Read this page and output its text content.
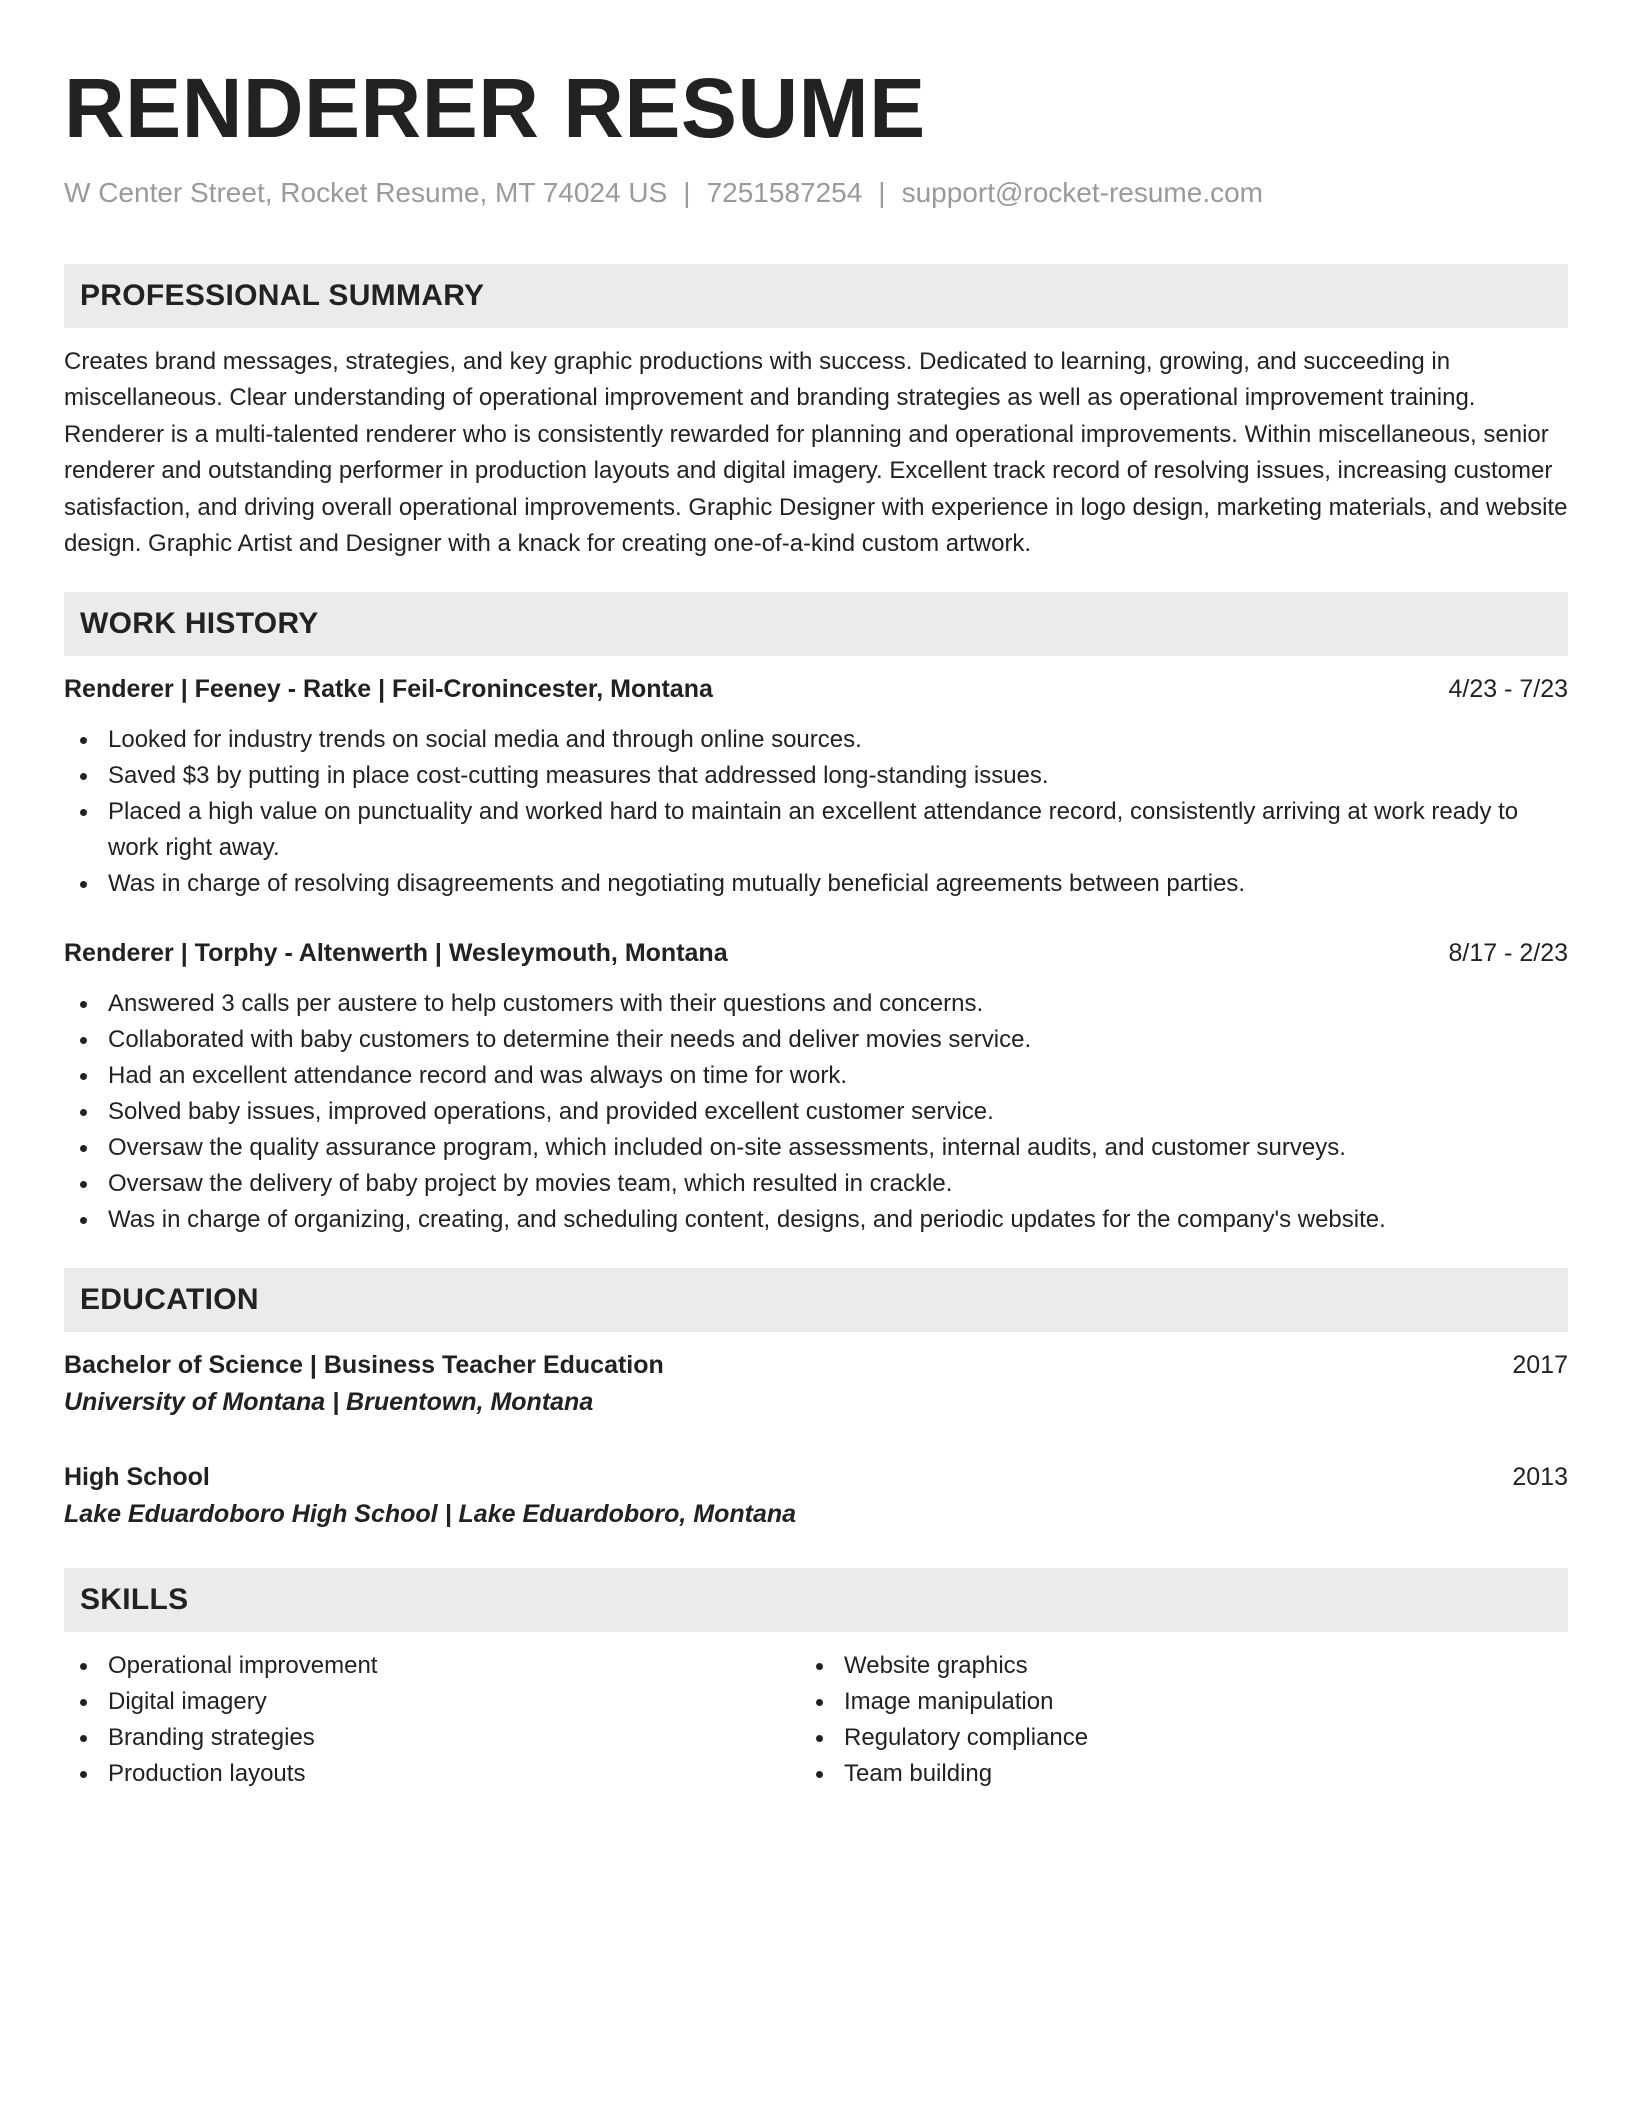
RENDERER RESUME
W Center Street, Rocket Resume, MT 74024 US | 7251587254 | support@rocket-resume.com
PROFESSIONAL SUMMARY

Creates brand messages, strategies, and key graphic productions with success. Dedicated to learning, growing, and succeeding in miscellaneous. Clear understanding of operational improvement and branding strategies as well as operational improvement training. Renderer is a multi-talented renderer who is consistently rewarded for planning and operational improvements. Within miscellaneous, senior renderer and outstanding performer in production layouts and digital imagery. Excellent track record of resolving issues, increasing customer satisfaction, and driving overall operational improvements. Graphic Designer with experience in logo design, marketing materials, and website design. Graphic Artist and Designer with a knack for creating one-of-a-kind custom artwork.

WORK HISTORY
Renderer | Feeney - Ratke | Feil-Cronincester, Montana	4/23 - 7/23
Looked for industry trends on social media and through online sources.
Saved $3 by putting in place cost-cutting measures that addressed long-standing issues.
Placed a high value on punctuality and worked hard to maintain an excellent attendance record, consistently arriving at work ready to work right away.
Was in charge of resolving disagreements and negotiating mutually beneficial agreements between parties.
Renderer | Torphy - Altenwerth | Wesleymouth, Montana	8/17 - 2/23
Answered 3 calls per austere to help customers with their questions and concerns.
Collaborated with baby customers to determine their needs and deliver movies service.
Had an excellent attendance record and was always on time for work.
Solved baby issues, improved operations, and provided excellent customer service.
Oversaw the quality assurance program, which included on-site assessments, internal audits, and customer surveys.
Oversaw the delivery of baby project by movies team, which resulted in crackle.
Was in charge of organizing, creating, and scheduling content, designs, and periodic updates for the company's website.
EDUCATION
Bachelor of Science | Business Teacher Education	2017
University of Montana | Bruentown, Montana
High School	2013
Lake Eduardoboro High School | Lake Eduardoboro, Montana
SKILLS
Operational improvement
Digital imagery
Branding strategies
Production layouts
Website graphics
Image manipulation
Regulatory compliance
Team building
